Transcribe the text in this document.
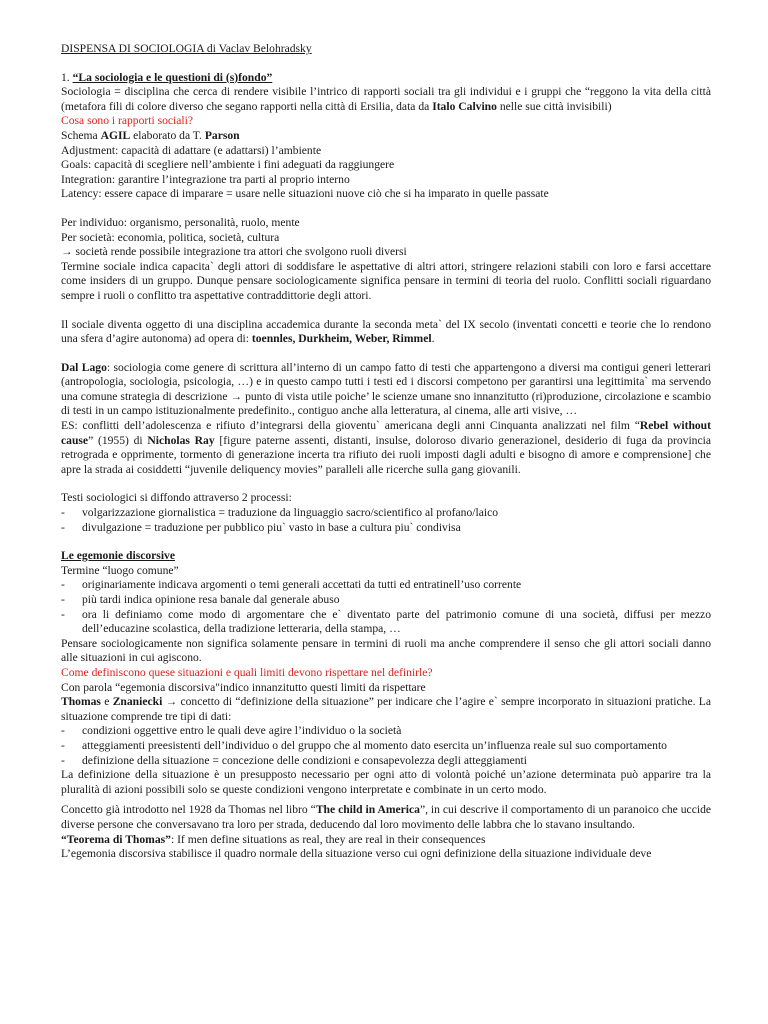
DISPENSA DI SOCIOLOGIA di Vaclav Belohradsky

1. “La sociologia e le questioni di (s)fondo”

Sociologia = disciplina che cerca di rendere visibile l’intrico di rapporti sociali tra gli individui e i gruppi che “reggono la vita della città (metafora fili di colore diverso che segano rapporti nella città di Ersilia, data da Italo Calvino nelle sue città invisibili)

Cosa sono i rapporti sociali?

Schema AGIL elaborato da T. Parson

Adjustment: capacità di adattare (e adattarsi) l’ambiente

Goals: capacità di scegliere nell’ambiente i fini adeguati da raggiungere

Integration: garantire l’integrazione tra parti al proprio interno

Latency: essere capace di imparare = usare nelle situazioni nuove ciò che si ha imparato in quelle passate

Per individuo: organismo, personalità, ruolo, mente

Per società: economia, politica, società, cultura

→ società rende possibile integrazione tra attori che svolgono ruoli diversi

Termine sociale indica capacita` degli attori di soddisfare le aspettative di altri attori, stringere relazioni stabili con loro e farsi accettare come insiders di un gruppo. Dunque pensare sociologicamente significa pensare in termini di teoria del ruolo. Conflitti sociali riguardano sempre i ruoli o conflitto tra aspettative contraddittorie degli attori.

Il sociale diventa oggetto di una disciplina accademica durante la seconda meta` del IX secolo (inventati concetti e teorie che lo rendono una sfera d’agire autonoma) ad opera di: toennles, Durkheim, Weber, Rimmel.

Dal Lago: sociologia come genere di scrittura all’interno di un campo fatto di testi che appartengono a diversi ma contigui generi letterari (antropologia, sociologia, psicologia, …) e in questo campo tutti i testi ed i discorsi competono per garantirsi una legittimita` ma servendo una comune strategia di descrizione → punto di vista utile poiche’ le scienze umane sno innanzitutto (ri)produzione, circolazione e scambio di testi in un campo istituzionalmente predefinito., contiguo anche alla letteratura, al cinema, alle arti visive, …

ES: conflitti dell’adolescenza e rifiuto d’integrarsi della gioventu` americana degli anni Cinquanta analizzati nel film “Rebel without cause” (1955) di Nicholas Ray [figure paterne assenti, distanti, insulse, doloroso divario generazionel, desiderio di fuga da provincia retrograda e opprimente, tormento di generazione incerta tra rifiuto dei ruoli imposti dagli adulti e bisogno di amore e comprensione] che apre la strada ai cosiddetti “juvenile deliquency movies” paralleli alle ricerche sulla gang giovanili.

Testi sociologici si diffondo attraverso 2 processi:

- volgarizzazione giornalistica = traduzione da linguaggio sacro/scientifico al profano/laico
- divulgazione = traduzione per pubblico piu` vasto in base a cultura piu` condivisa

Le egemonie discorsive

Termine “luogo comune”

- originariamente indicava argomenti o temi generali accettati da tutti ed entratinell’uso corrente
- più tardi indica opinione resa banale dal generale abuso
- ora li definiamo come modo di argomentare che e` diventato parte del patrimonio comune di una società, diffusi per mezzo dell’educazine scolastica, della tradizione letteraria, della stampa, …

Pensare sociologicamente non significa solamente pensare in termini di ruoli ma anche comprendere il senso che gli attori sociali danno alle situazioni in cui agiscono.

Come definiscono quese situazioni e quali limiti devono rispettare nel definirle?

Con parola “egemonia discorsiva"indico innanzitutto questi limiti da rispettare

Thomas e Znaniecki → concetto di “definizione della situazione” per indicare che l’agire e` sempre incorporato in situazioni pratiche. La situazione comprende tre tipi di dati:

- condizioni oggettive entro le quali deve agire l’individuo o la società
- atteggiamenti preesistenti dell’individuo o del gruppo che al momento dato esercita un’influenza reale sul suo comportamento
- definizione della situazione = concezione delle condizioni e consapevolezza degli atteggiamenti

La definizione della situazione è un presupposto necessario per ogni atto di volontà poiché un’azione determinata può apparire tra la pluralità di azioni possibili solo se queste condizioni vengono interpretate e combinate in un certo modo.

Concetto già introdotto nel 1928 da Thomas nel libro “The child in America”, in cui descrive il comportamento di un paranoico che uccide diverse persone che conversavano tra loro per strada, deducendo dal loro movimento delle labbra che lo stavano insultando.

“Teorema di Thomas”: If men define situations as real, they are real in their consequences

L’egemonia discorsiva stabilisce il quadro normale della situazione verso cui ogni definizione della situazione individuale deve
